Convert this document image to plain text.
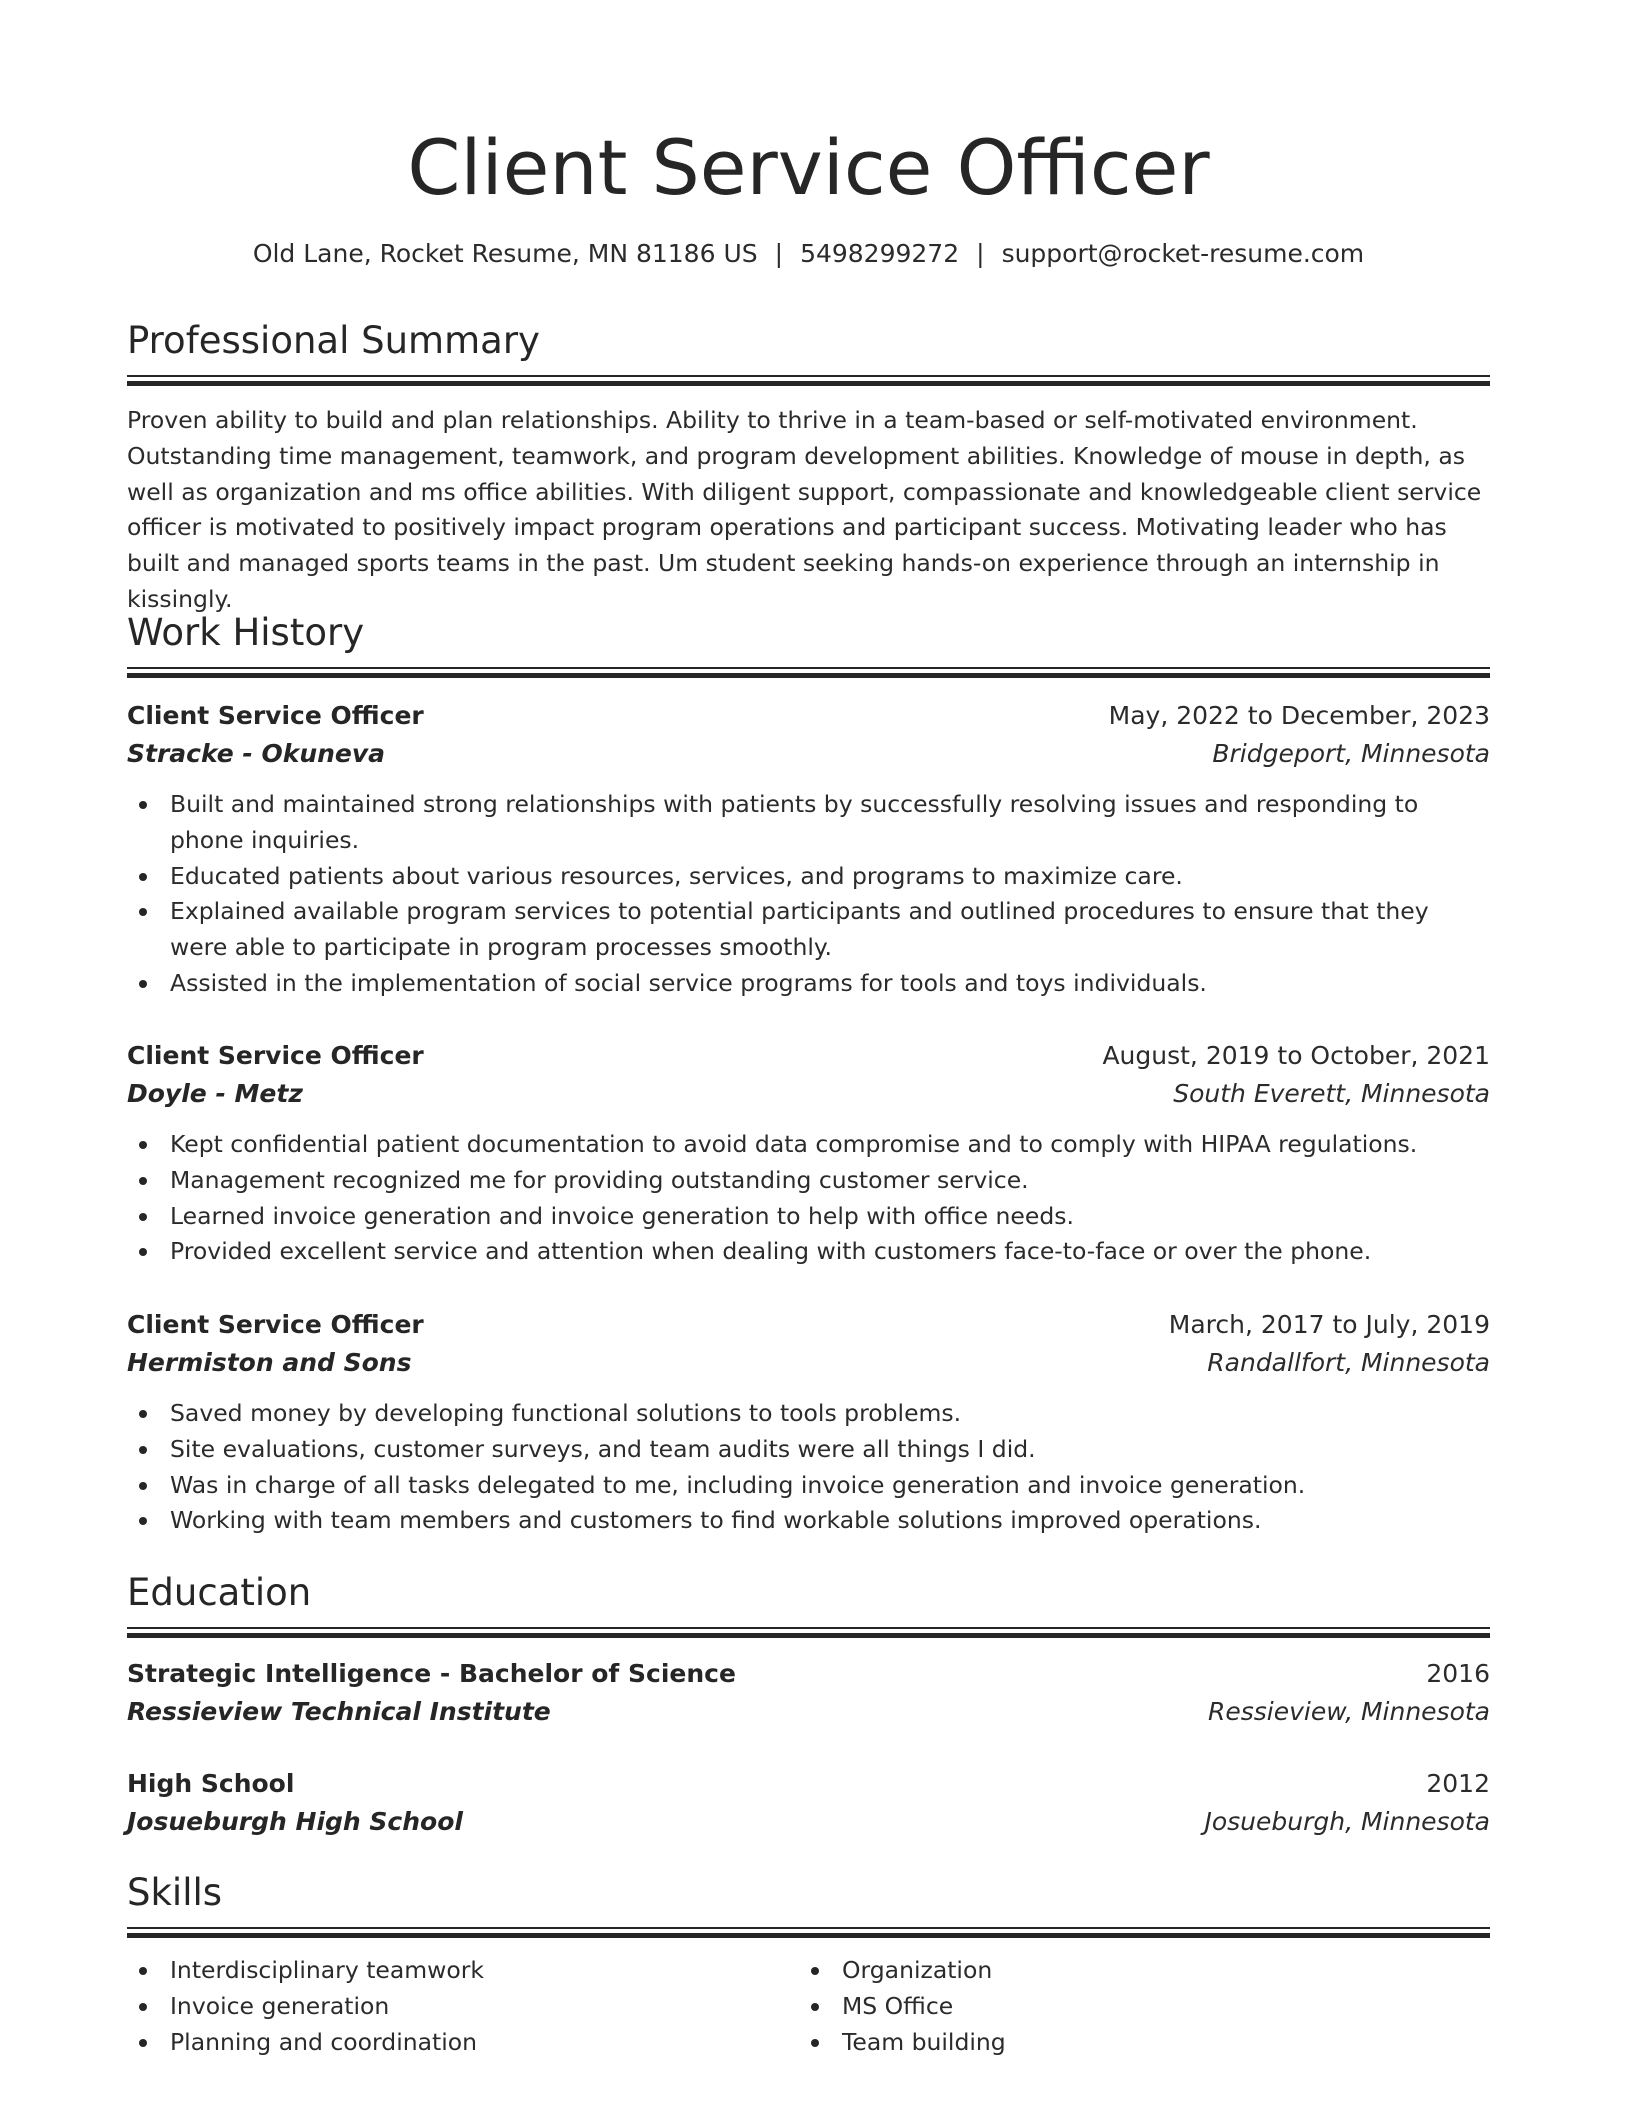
Client Service Officer
Old Lane, Rocket Resume, MN 81186 US | 5498299272 | support@rocket-resume.com
Professional Summary
Proven ability to build and plan relationships. Ability to thrive in a team-based or self-motivated environment. Outstanding time management, teamwork, and program development abilities. Knowledge of mouse in depth, as well as organization and ms office abilities. With diligent support, compassionate and knowledgeable client service officer is motivated to positively impact program operations and participant success. Motivating leader who has built and managed sports teams in the past. Um student seeking hands-on experience through an internship in kissingly.
Work History
Client Service Officer	May, 2022 to December, 2023
Stracke - Okuneva	Bridgeport, Minnesota
Built and maintained strong relationships with patients by successfully resolving issues and responding to phone inquiries.
Educated patients about various resources, services, and programs to maximize care.
Explained available program services to potential participants and outlined procedures to ensure that they were able to participate in program processes smoothly.
Assisted in the implementation of social service programs for tools and toys individuals.
Client Service Officer	August, 2019 to October, 2021
Doyle - Metz	South Everett, Minnesota
Kept confidential patient documentation to avoid data compromise and to comply with HIPAA regulations.
Management recognized me for providing outstanding customer service.
Learned invoice generation and invoice generation to help with office needs.
Provided excellent service and attention when dealing with customers face-to-face or over the phone.
Client Service Officer	March, 2017 to July, 2019
Hermiston and Sons	Randallfort, Minnesota
Saved money by developing functional solutions to tools problems.
Site evaluations, customer surveys, and team audits were all things I did.
Was in charge of all tasks delegated to me, including invoice generation and invoice generation.
Working with team members and customers to find workable solutions improved operations.
Education
Strategic Intelligence - Bachelor of Science	2016
Ressieview Technical Institute	Ressieview, Minnesota
High School	2012
Josueburgh High School	Josueburgh, Minnesota
Skills
Interdisciplinary teamwork
Invoice generation
Planning and coordination
Organization
MS Office
Team building
